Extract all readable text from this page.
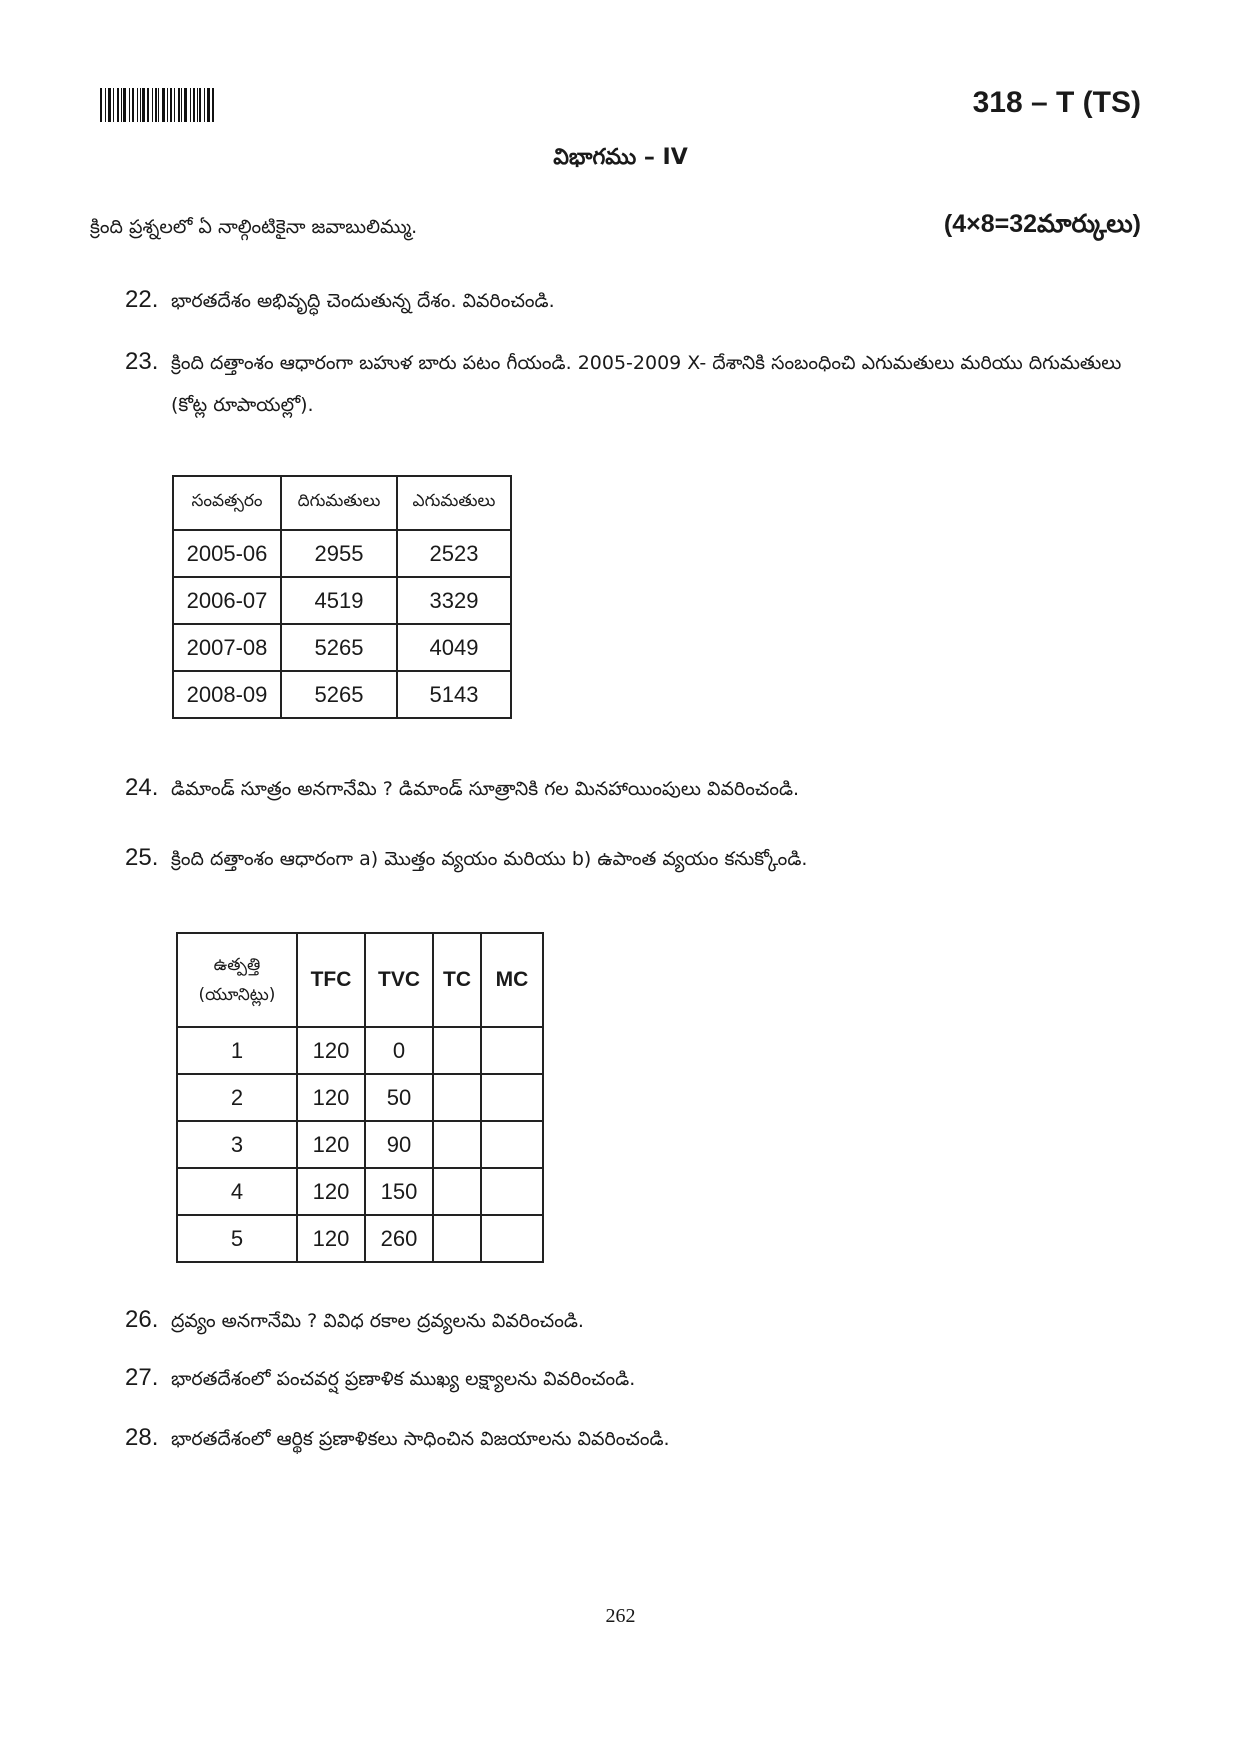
318 – T (TS)
విభాగము – IV
క్రింది ప్రశ్నలలో ఏ నాల్గింటికైనా జవాబులిమ్ము.	(4×8=32మార్కులు)
22. భారతదేశం అభివృద్ధి చెందుతున్న దేశం. వివరించండి.
23. క్రింది దత్తాంశం ఆధారంగా బహుళ బారు పటం గీయండి. 2005-2009 X- దేశానికి సంబంధించి ఎగుమతులు మరియు దిగుమతులు (కోట్ల రూపాయల్లో).
సంవత్సరం	దిగుమతులు	ఎగుమతులు
2005-06	2955	2523
2006-07	4519	3329
2007-08	5265	4049
2008-09	5265	5143
24. డిమాండ్ సూత్రం అనగానేమి ? డిమాండ్ సూత్రానికి గల మినహాయింపులు వివరించండి.
25. క్రింది దత్తాంశం ఆధారంగా a) మొత్తం వ్యయం మరియు b) ఉపాంత వ్యయం కనుక్కోండి.
ఉత్పత్తి
(యూనిట్లు)	TFC	TVC	TC	MC
1	120	0		
2	120	50		
3	120	90		
4	120	150		
5	120	260		
26. ద్రవ్యం అనగానేమి ? వివిధ రకాల ద్రవ్యలను వివరించండి.
27. భారతదేశంలో పంచవర్ష ప్రణాళిక ముఖ్య లక్ష్యాలను వివరించండి.
28. భారతదేశంలో ఆర్థిక ప్రణాళికలు సాధించిన విజయాలను వివరించండి.
262
